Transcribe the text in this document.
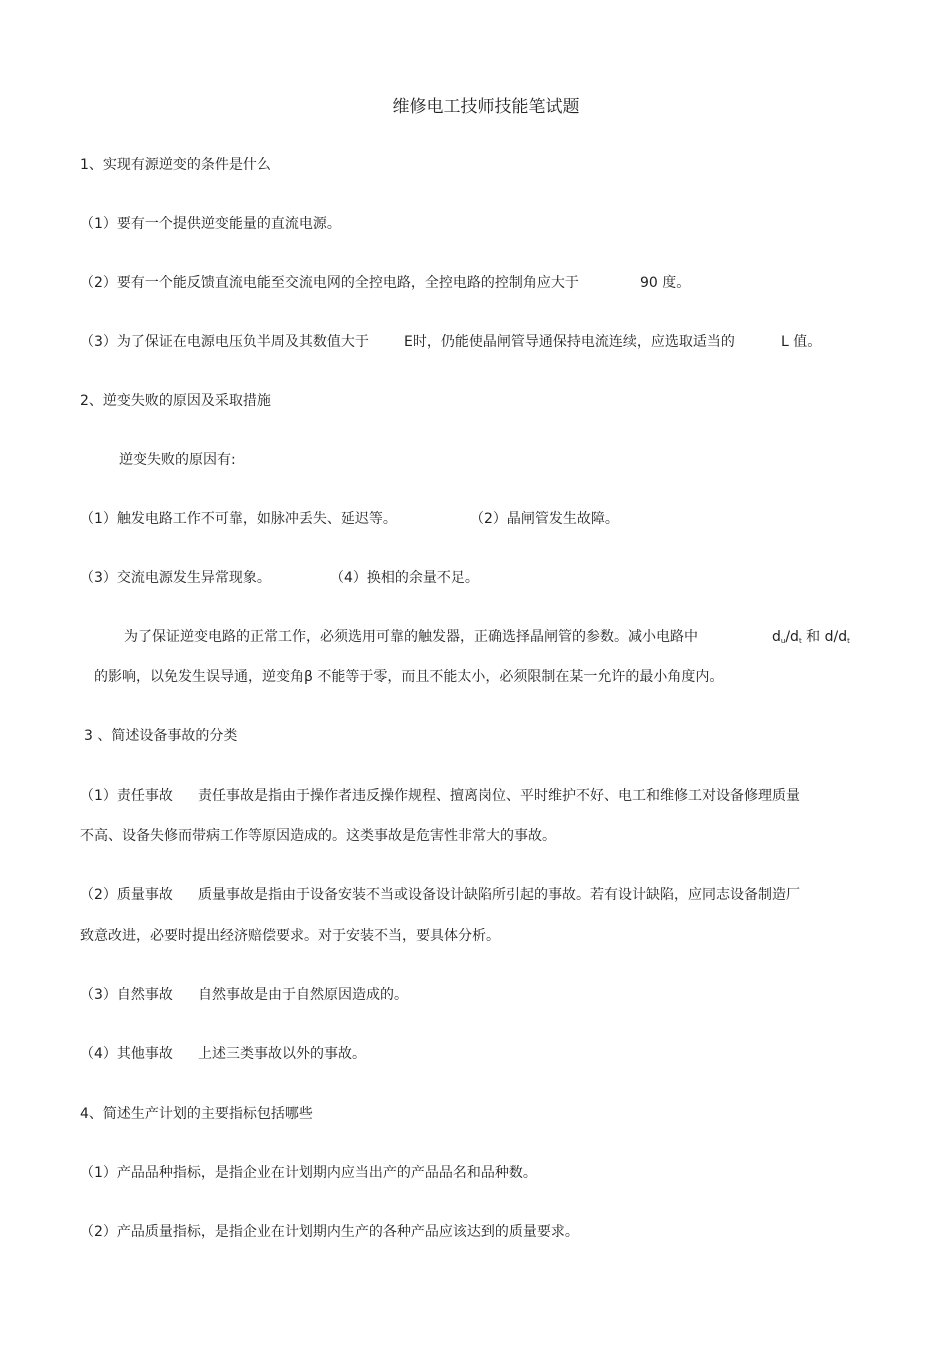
维修电工技师技能笔试题
1、实现有源逆变的条件是什么
（1）要有一个提供逆变能量的直流电源。
（2）要有一个能反馈直流电能至交流电网的全控电路，全控电路的控制角应大于	90 度。
（3）为了保证在电源电压负半周及其数值大于	E时，仍能使晶闸管导通保持电流连续，应选取适当的	L 值。
2、逆变失败的原因及采取措施
逆变失败的原因有:
（1）触发电路工作不可靠，如脉冲丢失、延迟等。	（2）晶闸管发生故障。
（3）交流电源发生异常现象。	（4）换相的余量不足。
为了保证逆变电路的正常工作，必须选用可靠的触发器，正确选择晶闸管的参数。减小电路中	$d_u/d_t$ 和 $d/d_t$
的影响，以免发生误导通，逆变角β 不能等于零，而且不能太小，必须限制在某一允许的最小角度内。
3 、简述设备事故的分类
（1）责任事故 责任事故是指由于操作者违反操作规程、擅离岗位、平时维护不好、电工和维修工对设备修理质量
不高、设备失修而带病工作等原因造成的。这类事故是危害性非常大的事故。
（2）质量事故 质量事故是指由于设备安装不当或设备设计缺陷所引起的事故。若有设计缺陷，应同志设备制造厂
致意改进，必要时提出经济赔偿要求。对于安装不当，要具体分析。
（3）自然事故 自然事故是由于自然原因造成的。
（4）其他事故 上述三类事故以外的事故。
4、简述生产计划的主要指标包括哪些
（1）产品品种指标，是指企业在计划期内应当出产的产品品名和品种数。
（2）产品质量指标，是指企业在计划期内生产的各种产品应该达到的质量要求。
